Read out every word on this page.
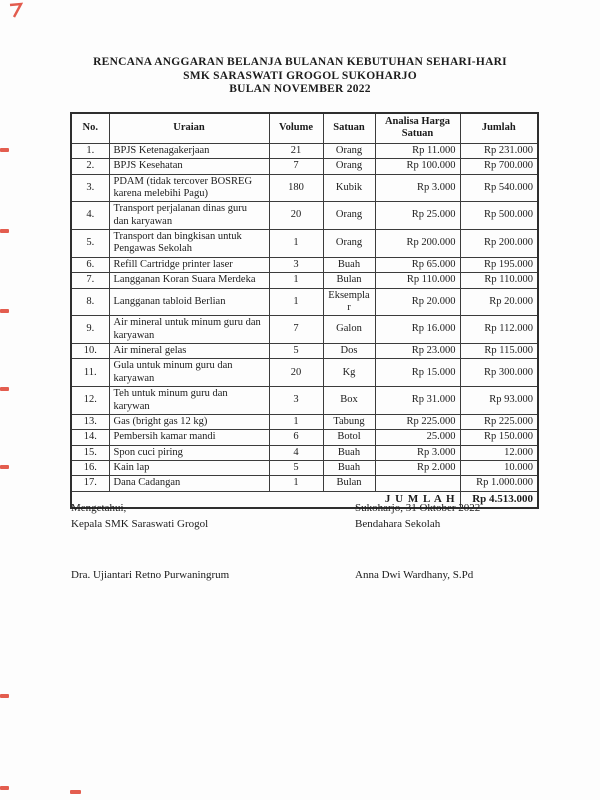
RENCANA ANGGARAN BELANJA BULANAN KEBUTUHAN SEHARI-HARI
SMK SARASWATI GROGOL SUKOHARJO
BULAN NOVEMBER 2022
No.	Uraian	Volume	Satuan	Analisa Harga Satuan	Jumlah
1.	BPJS Ketenagakerjaan	21	Orang	Rp 11.000	Rp 231.000
2.	BPJS Kesehatan	7	Orang	Rp 100.000	Rp 700.000
3.	PDAM (tidak tercover BOSREG karena melebihi Pagu)	180	Kubik	Rp 3.000	Rp 540.000
4.	Transport perjalanan dinas guru dan karyawan	20	Orang	Rp 25.000	Rp 500.000
5.	Transport dan bingkisan untuk Pengawas Sekolah	1	Orang	Rp 200.000	Rp 200.000
6.	Refill Cartridge printer laser	3	Buah	Rp 65.000	Rp 195.000
7.	Langganan Koran Suara Merdeka	1	Bulan	Rp 110.000	Rp 110.000
8.	Langganan tabloid Berlian	1	Eksemplar	Rp 20.000	Rp 20.000
9.	Air mineral untuk minum guru dan karyawan	7	Galon	Rp 16.000	Rp 112.000
10.	Air mineral gelas	5	Dos	Rp 23.000	Rp 115.000
11.	Gula untuk minum guru dan karyawan	20	Kg	Rp 15.000	Rp 300.000
12.	Teh untuk minum guru dan karywan	3	Box	Rp 31.000	Rp 93.000
13.	Gas (bright gas 12 kg)	1	Tabung	Rp 225.000	Rp 225.000
14.	Pembersih kamar mandi	6	Botol	25.000	Rp 150.000
15.	Spon cuci piring	4	Buah	Rp 3.000	12.000
16.	Kain lap	5	Buah	Rp 2.000	10.000
17.	Dana Cadangan	1	Bulan		Rp 1.000.000
J U M L A H					Rp 4.513.000
Mengetahui,
Kepala SMK Saraswati Grogol
Sukoharjo, 31 Oktober 2022
Bendahara Sekolah
Dra. Ujiantari Retno Purwaningrum	Anna Dwi Wardhany, S.Pd
